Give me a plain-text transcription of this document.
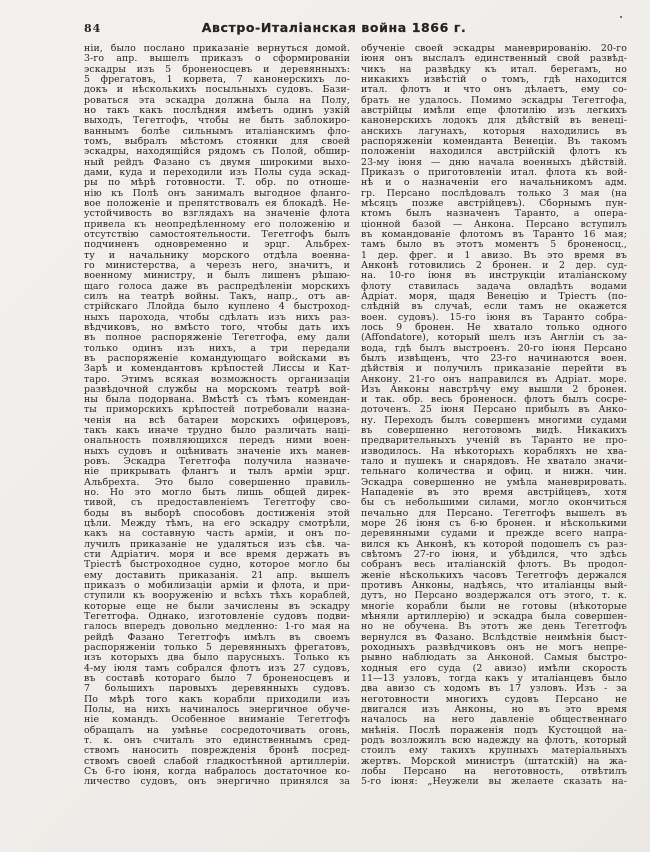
84	Австро-Италіанская война 1866 г.
ніи, было послано приказаніе вернуться домой.
3-го апр. вышелъ приказъ о сформированіи
эскадры изъ 5 броненосцевъ и деревянныхъ:
5 фрегатовъ, 1 корвета, 7 канонерскихъ ло-
докъ и нѣсколькихъ посыльныхъ судовъ. Бази-
роваться эта эскадра должна была на Полу,
но такъ какъ послѣдняя имѣетъ одинъ узкій
выходъ, Тегетгофъ, чтобы не быть заблокиро-
ваннымъ болѣе сильнымъ италіанскимъ фло-
томъ, выбралъ мѣстомъ стоянки для своей
эскадры, находящійся рядомъ съ Полой, обшир-
ный рейдъ Фазано съ двумя широкими выхо-
дами, куда и переходили изъ Полы суда эскад-
ры по мѣрѣ готовности. Т. обр. по отноше-
нію къ Полѣ онъ занималъ выгодное фланго-
вое положеніе и препятствовалъ ея блокадѣ. Не-
устойчивость во взглядахъ на значеніе флота
привела къ неопредѣленному его положенію и
отсутствію самостоятельности. Тегетгофъ былъ
подчиненъ одновременно и эрцг. Альбрех-
ту и начальнику морского отдѣла военна-
го министерства, а черезъ него, значитъ, и
военному министру, и былъ лишенъ рѣшаю-
щаго голоса даже въ распредѣленіи морскихъ
силъ на театрѣ войны. Такъ, напр., отъ ав-
стрійскаго Ллойда было куплено 4 быстроход-
ныхъ парохода, чтобы сдѣлать изъ нихъ раз-
вѣдчиковъ, но вмѣсто того, чтобы дать ихъ
въ полное распоряженіе Тегетгофа, ему дали
только одинъ изъ нихъ, а три передали
въ распоряженіе командующаго войсками въ
Зарѣ и комендантовъ крѣпостей Лиссы и Кат-
таро. Этимъ всякая возможность организаціи
развѣдочной службы на морскомъ театрѣ вой-
ны была подорвана. Вмѣстѣ съ тѣмъ комендан-
ты приморскихъ крѣпостей потребовали назна-
ченія на всѣ батареи морскихъ офицеровъ,
такъ какъ иначе трудно было различать наці-
ональность появляющихся передъ ними воен-
ныхъ судовъ и оцѣнивать значеніе ихъ манев-
ровъ. Эскадра Тегетгофа получила назначе-
ніе прикрывать флангъ и тылъ арміи эрцг.
Альбрехта. Это было совершенно правиль-
но. Но это могло быть лишь общей дирек-
тивой, съ предоставленіемъ Тегетгофу сво-
боды въ выборѣ способовъ достиженія этой
цѣли. Между тѣмъ, на его эскадру смотрѣли,
какъ на составную часть арміи, и онъ по-
лучилъ приказаніе не удаляться изъ сѣв. ча-
сти Адріатич. моря и все время держать въ
Тріестѣ быстроходное судно, которое могло бы
ему доставить приказанія. 21 апр. вышелъ
приказъ о мобилизаціи арміи и флота, и при-
ступили къ вооруженію и всѣхъ тѣхъ кораблей,
которые еще не были зачислены въ эскадру
Тегетгофа. Однако, изготовленіе судовъ подви-
галось впередъ довольно медленно: 1-го мая на
рейдѣ Фазано Тегетгофъ имѣлъ въ своемъ
распоряженіи только 5 деревянныхъ фрегатовъ,
изъ которыхъ два было парусныхъ. Только къ
4-му іюля тамъ собрался флотъ изъ 27 судовъ,
въ составѣ котораго было 7 броненосцевъ и
7 большихъ паровыхъ деревянныхъ судовъ.
По мѣрѣ того какъ корабли приходили изъ
Полы, на нихъ начиналось энергичное обуче-
ніе командъ. Особенное вниманіе Тегетгофъ
обращалъ на умѣнье сосредоточивать огонь,
т. к. онъ считалъ это единственнымъ сред-
ствомъ наносить поврежденія бронѣ посред-
ствомъ своей слабой гладкостѣнной артиллеріи.
Съ 6-го іюня, когда набралось достаточное ко-
личество судовъ, онъ энергично принялся за
обученіе своей эскадры маневрированію. 20-го
іюня онъ выслалъ единственный свой развѣд-
чикъ на развѣдку къ итал. берегамъ, но
никакихъ извѣстій о томъ, гдѣ находится
итал. флотъ и что онъ дѣлаетъ, ему со-
брать не удалось. Помимо эскадры Тегетгофа,
австрійцы имѣли еще флотилію изъ легкихъ
канонерскихъ лодокъ для дѣйствій въ венеці-
анскихъ лагунахъ, которыя находились въ
распоряженіи коменданта Венеціи. Въ такомъ
положеніи находился австрійскій флотъ къ
23-му іюня — дню начала военныхъ дѣйствій.
Приказъ о приготовленіи итал. флота къ вой-
нѣ и о назначеніи его начальникомъ адм.
гр. Персано послѣдовалъ только 3 мая (на
мѣсяцъ позже австрійцевъ). Сборнымъ пун-
ктомъ былъ назначенъ Таранто, а опера-
ціонной базой — Анкона. Персано вступилъ
въ командованіе флотомъ въ Таранто 16 мая;
тамъ было въ этотъ моментъ 5 броненосц.,
1 дер. фрег. и 1 авизо. Въ это время въ
Анконѣ готовились 2 бронен. и 2 дер. суд-
на. 10-го іюня въ инструкціи италіанскому
флоту ставилась задача овладѣть водами
Адріат. моря, щадя Венецію и Тріестъ (по-
слѣдній въ случаѣ, если тамъ не окажется
воен. судовъ). 15-го іюня въ Таранто собра-
лось 9 бронен. Не хватало только одного
(Affondatore), который шелъ изъ Англіи съ за-
вода, гдѣ былъ выстроенъ. 20-го іюня Персано
былъ извѣщенъ, что 23-го начинаются воен.
дѣйствія и получилъ приказаніе перейти въ
Анкону. 21-го онъ направился въ Адріат. море.
Изъ Анконы навстрѣчу ему вышли 2 бронен.
и так. обр. весь броненосн. флотъ былъ сосре-
доточенъ. 25 іюня Персано прибылъ въ Анко-
ну. Переходъ былъ совершенъ многими судами
въ совершенно неготовомъ видѣ. Никакихъ
предварительныхъ ученій въ Таранто не про-
изводилось. На нѣкоторыхъ корабляхъ не хва-
тало и пушекъ и снарядовъ. Не хватало значи-
тельнаго количества и офиц. и нижн. чин.
Эскадра совершенно не умѣла маневрировать.
Нападеніе въ это время австрійцевъ, хотя
бы съ небольшими силами, могло окончиться
печально для Персано. Тегетгофъ вышелъ въ
море 26 іюня съ 6-ю бронен. и нѣсколькими
деревянными судами и прежде всего напра-
вился къ Анконѣ, къ которой подошелъ съ раз-
свѣтомъ 27-го іюня, и убѣдился, что здѣсь
собранъ весь италіанскій флотъ. Въ продол-
женіе нѣсколькихъ часовъ Тегетгофъ держался
противъ Анконы, надѣясь, что италіанцы вый-
дутъ, но Персано воздержался отъ этого, т. к.
многіе корабли были не готовы (нѣкоторые
мѣняли артиллерію) и эскадра была совершен-
но не обучена. Въ этотъ же день Тегетгофъ
вернулся въ Фазано. Вслѣдствіе неимѣнія быст-
роходныхъ развѣдчиковъ онъ не могъ непре-
рывно наблюдать за Анконой. Самыя быстро-
ходныя его суда (2 авизо) имѣли скорость
11—13 узловъ, тогда какъ у италіанцевъ было
два авизо съ ходомъ въ 17 узловъ. Изъ - за
неготовности многихъ судовъ Персано не
двигался изъ Анконы, но въ это время
началось на него давленіе общественнаго
мнѣнія. Послѣ пораженія подъ Кустоццой на-
родъ возложилъ всю надежду на флотъ, который
стоилъ ему такихъ крупныхъ матеріальныхъ
жертвъ. Морской министръ (штатскій) на жа-
лобы Персано на неготовность, отвѣтилъ
5-го іюня: „Неужели вы желаете сказать на-
